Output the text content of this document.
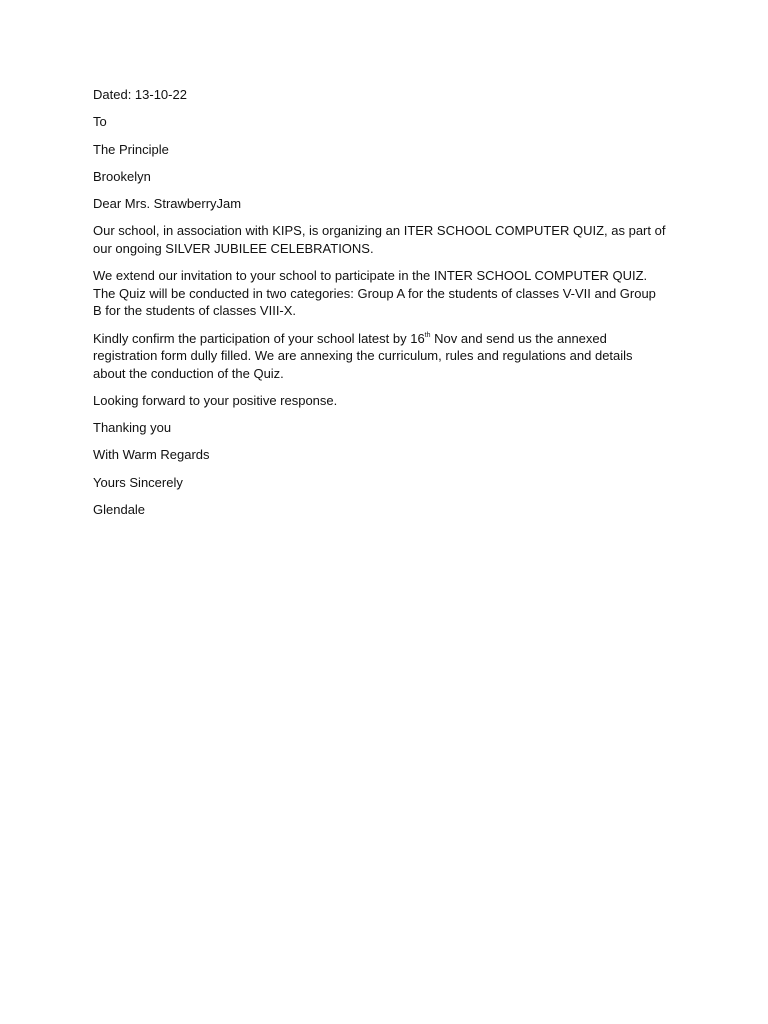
Dated: 13-10-22

To

The Principle

Brookelyn

Dear Mrs. StrawberryJam

Our school, in association with KIPS, is organizing an ITER SCHOOL COMPUTER QUIZ, as part of our ongoing SILVER JUBILEE CELEBRATIONS.

We extend our invitation to your school to participate in the INTER SCHOOL COMPUTER QUIZ. The Quiz will be conducted in two categories: Group A for the students of classes V-VII and Group B for the students of classes VIII-X.

Kindly confirm the participation of your school latest by 16th Nov and send us the annexed registration form dully filled. We are annexing the curriculum, rules and regulations and details about the conduction of the Quiz.

Looking forward to your positive response.

Thanking you

With Warm Regards

Yours Sincerely

Glendale
